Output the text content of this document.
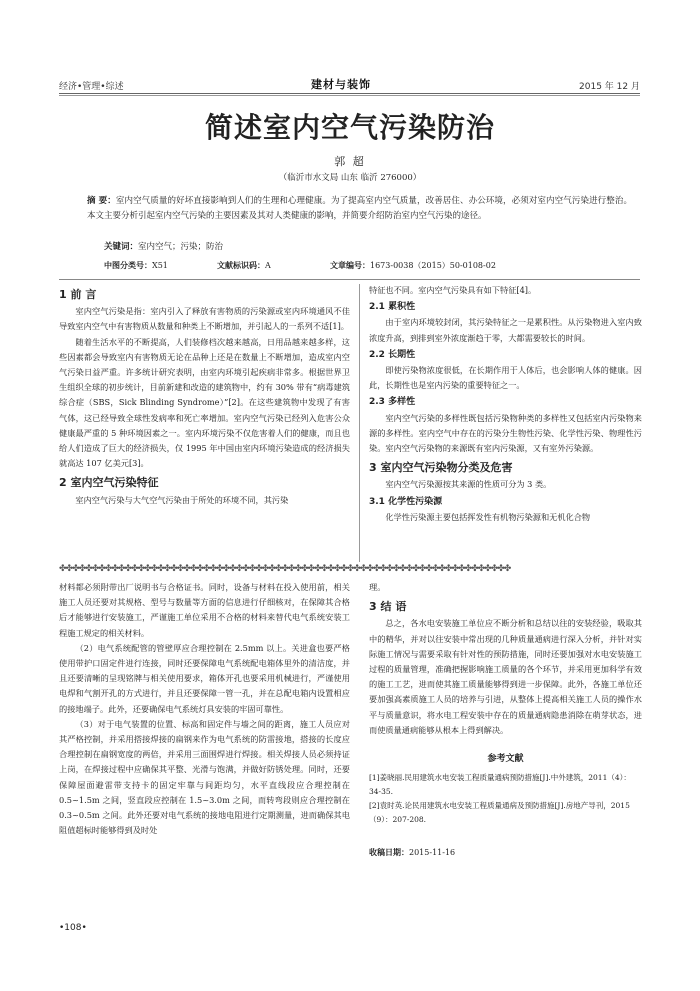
经济•管理•综述	建材与装饰	2015 年 12 月
简述室内空气污染防治
郭 超
（临沂市水文局 山东 临沂 276000）
摘 要：室内空气质量的好坏直接影响到人们的生理和心理健康。为了提高室内空气质量，改善居住、办公环境，必须对室内空气污染进行整治。本文主要分析引起室内空气污染的主要因素及其对人类健康的影响，并简要介绍防治室内空气污染的途径。
关键词：室内空气；污染；防治
中图分类号：X51	文献标识码：A	文章编号：1673-0038（2015）50-0108-02
1 前 言

室内空气污染是指：室内引入了释放有害物质的污染源或室内环境通风不佳导致室内空气中有害物质从数量和种类上不断增加，并引起人的一系列不适[1]。

随着生活水平的不断提高，人们装修档次越来越高，日用品越来越多样，这些因素都会导致室内有害物质无论在品种上还是在数量上不断增加，造成室内空气污染日益严重。许多统计研究表明，由室内环境引起疾病非常多。根据世界卫生组织全球的初步统计，目前新建和改造的建筑物中，约有 30% 带有“病毒建筑综合症（SBS，Sick Blinding Syndrome）”[2]。在这些建筑物中发现了有害气体，这已经导致全球性发病率和死亡率增加。室内空气污染已经列入危害公众健康最严重的 5 种环境因素之一。室内环境污染不仅危害着人们的健康，而且也给人们造成了巨大的经济损失，仅 1995 年中国由室内环境污染造成的经济损失就高达 107 亿美元[3]。

2 室内空气污染特征

室内空气污染与大气空气污染由于所处的环境不同，其污染

特征也不同。室内空气污染具有如下特征[4]。

2.1 累积性

由于室内环境较封闭，其污染特征之一是累积性。从污染物进入室内致浓度升高，到排到室外浓度渐趋于零，大都需要较长的时间。

2.2 长期性

即使污染物浓度很低，在长期作用于人体后，也会影响人体的健康。因此，长期性也是室内污染的重要特征之一。

2.3 多样性

室内空气污染的多样性既包括污染物种类的多样性又包括室内污染物来源的多样性。室内空气中存在的污染分生物性污染、化学性污染、物理性污染。室内空气污染物的来源既有室内污染源，又有室外污染源。

3 室内空气污染物分类及危害

室内空气污染源按其来源的性质可分为 3 类。

3.1 化学性污染源

化学性污染源主要包括挥发性有机物污染源和无机化合物

✤✤✤✤✤✤✤✤✤✤✤✤✤✤✤✤✤✤✤✤✤✤✤✤✤✤✤✤✤✤✤✤✤✤✤✤✤✤✤✤✤✤✤✤✤✤✤✤✤✤✤✤✤✤✤✤✤✤✤✤✤✤✤✤✤✤✤✤✤

材料都必须附带出厂说明书与合格证书。同时，设备与材料在投入使用前，相关施工人员还要对其规格、型号与数量等方面的信息进行仔细核对，在保障其合格后才能够进行安装施工，严谨施工单位采用不合格的材料来替代电气系统安装工程施工规定的相关材料。

（2）电气系统配管的管壁厚应合理控制在 2.5mm 以上。关进盒也要严格使用带护口固定件进行连接，同时还要保障电气系统配电箱体里外的清洁度，并且还要清晰的呈现铭牌与相关使用要求，箱体开孔也要采用机械进行，严谨使用电焊和气割开孔的方式进行，并且还要保障一管一孔，并在总配电箱内设置相应的接地端子。此外，还要确保电气系统灯具安装的牢固可靠性。

（3）对于电气装置的位置、标高和固定件与墙之间的距离，施工人员应对其严格控制，并采用搭接焊接的扁钢来作为电气系统的防雷接地，搭接的长度应合理控制在扁钢宽度的两倍，并采用三面围焊进行焊接。相关焊接人员必须持证上岗，在焊接过程中应确保其平整、光滑与饱满，并做好防锈处理。同时，还要保障屋面避雷带支持卡的固定牢靠与间距均匀，水平直线段应合理控制在 0.5~1.5m 之间，竖直段应控制在 1.5~3.0m 之间，而转弯段则应合理控制在 0.3~0.5m 之间。此外还要对电气系统的接地电阻进行定期测量，进而确保其电阻值超标时能够得到及时处

理。

3 结 语

总之，各水电安装施工单位应不断分析和总结以往的安装经验，吸取其中的精华，并对以往安装中常出现的几种质量通病进行深入分析，并针对实际施工情况与需要采取有针对性的预防措施，同时还要加强对水电安装施工过程的质量管理，准确把握影响施工质量的各个环节，并采用更加科学有效的施工工艺，进而使其施工质量能够得到进一步保障。此外，各施工单位还要加强高素质施工人员的培养与引进，从整体上提高相关施工人员的操作水平与质量意识，将水电工程安装中存在的质量通病隐患消除在萌芽状态，进而使质量通病能够从根本上得到解决。

参考文献
[1]姜晓丽.民用建筑水电安装工程质量通病预防措施[J].中外建筑，2011（4）：34-35.
[2]袁时英.论民用建筑水电安装工程质量通病及预防措施[J].房地产导刊，2015（9）：207-208.
收稿日期：2015-11-16
•108•
